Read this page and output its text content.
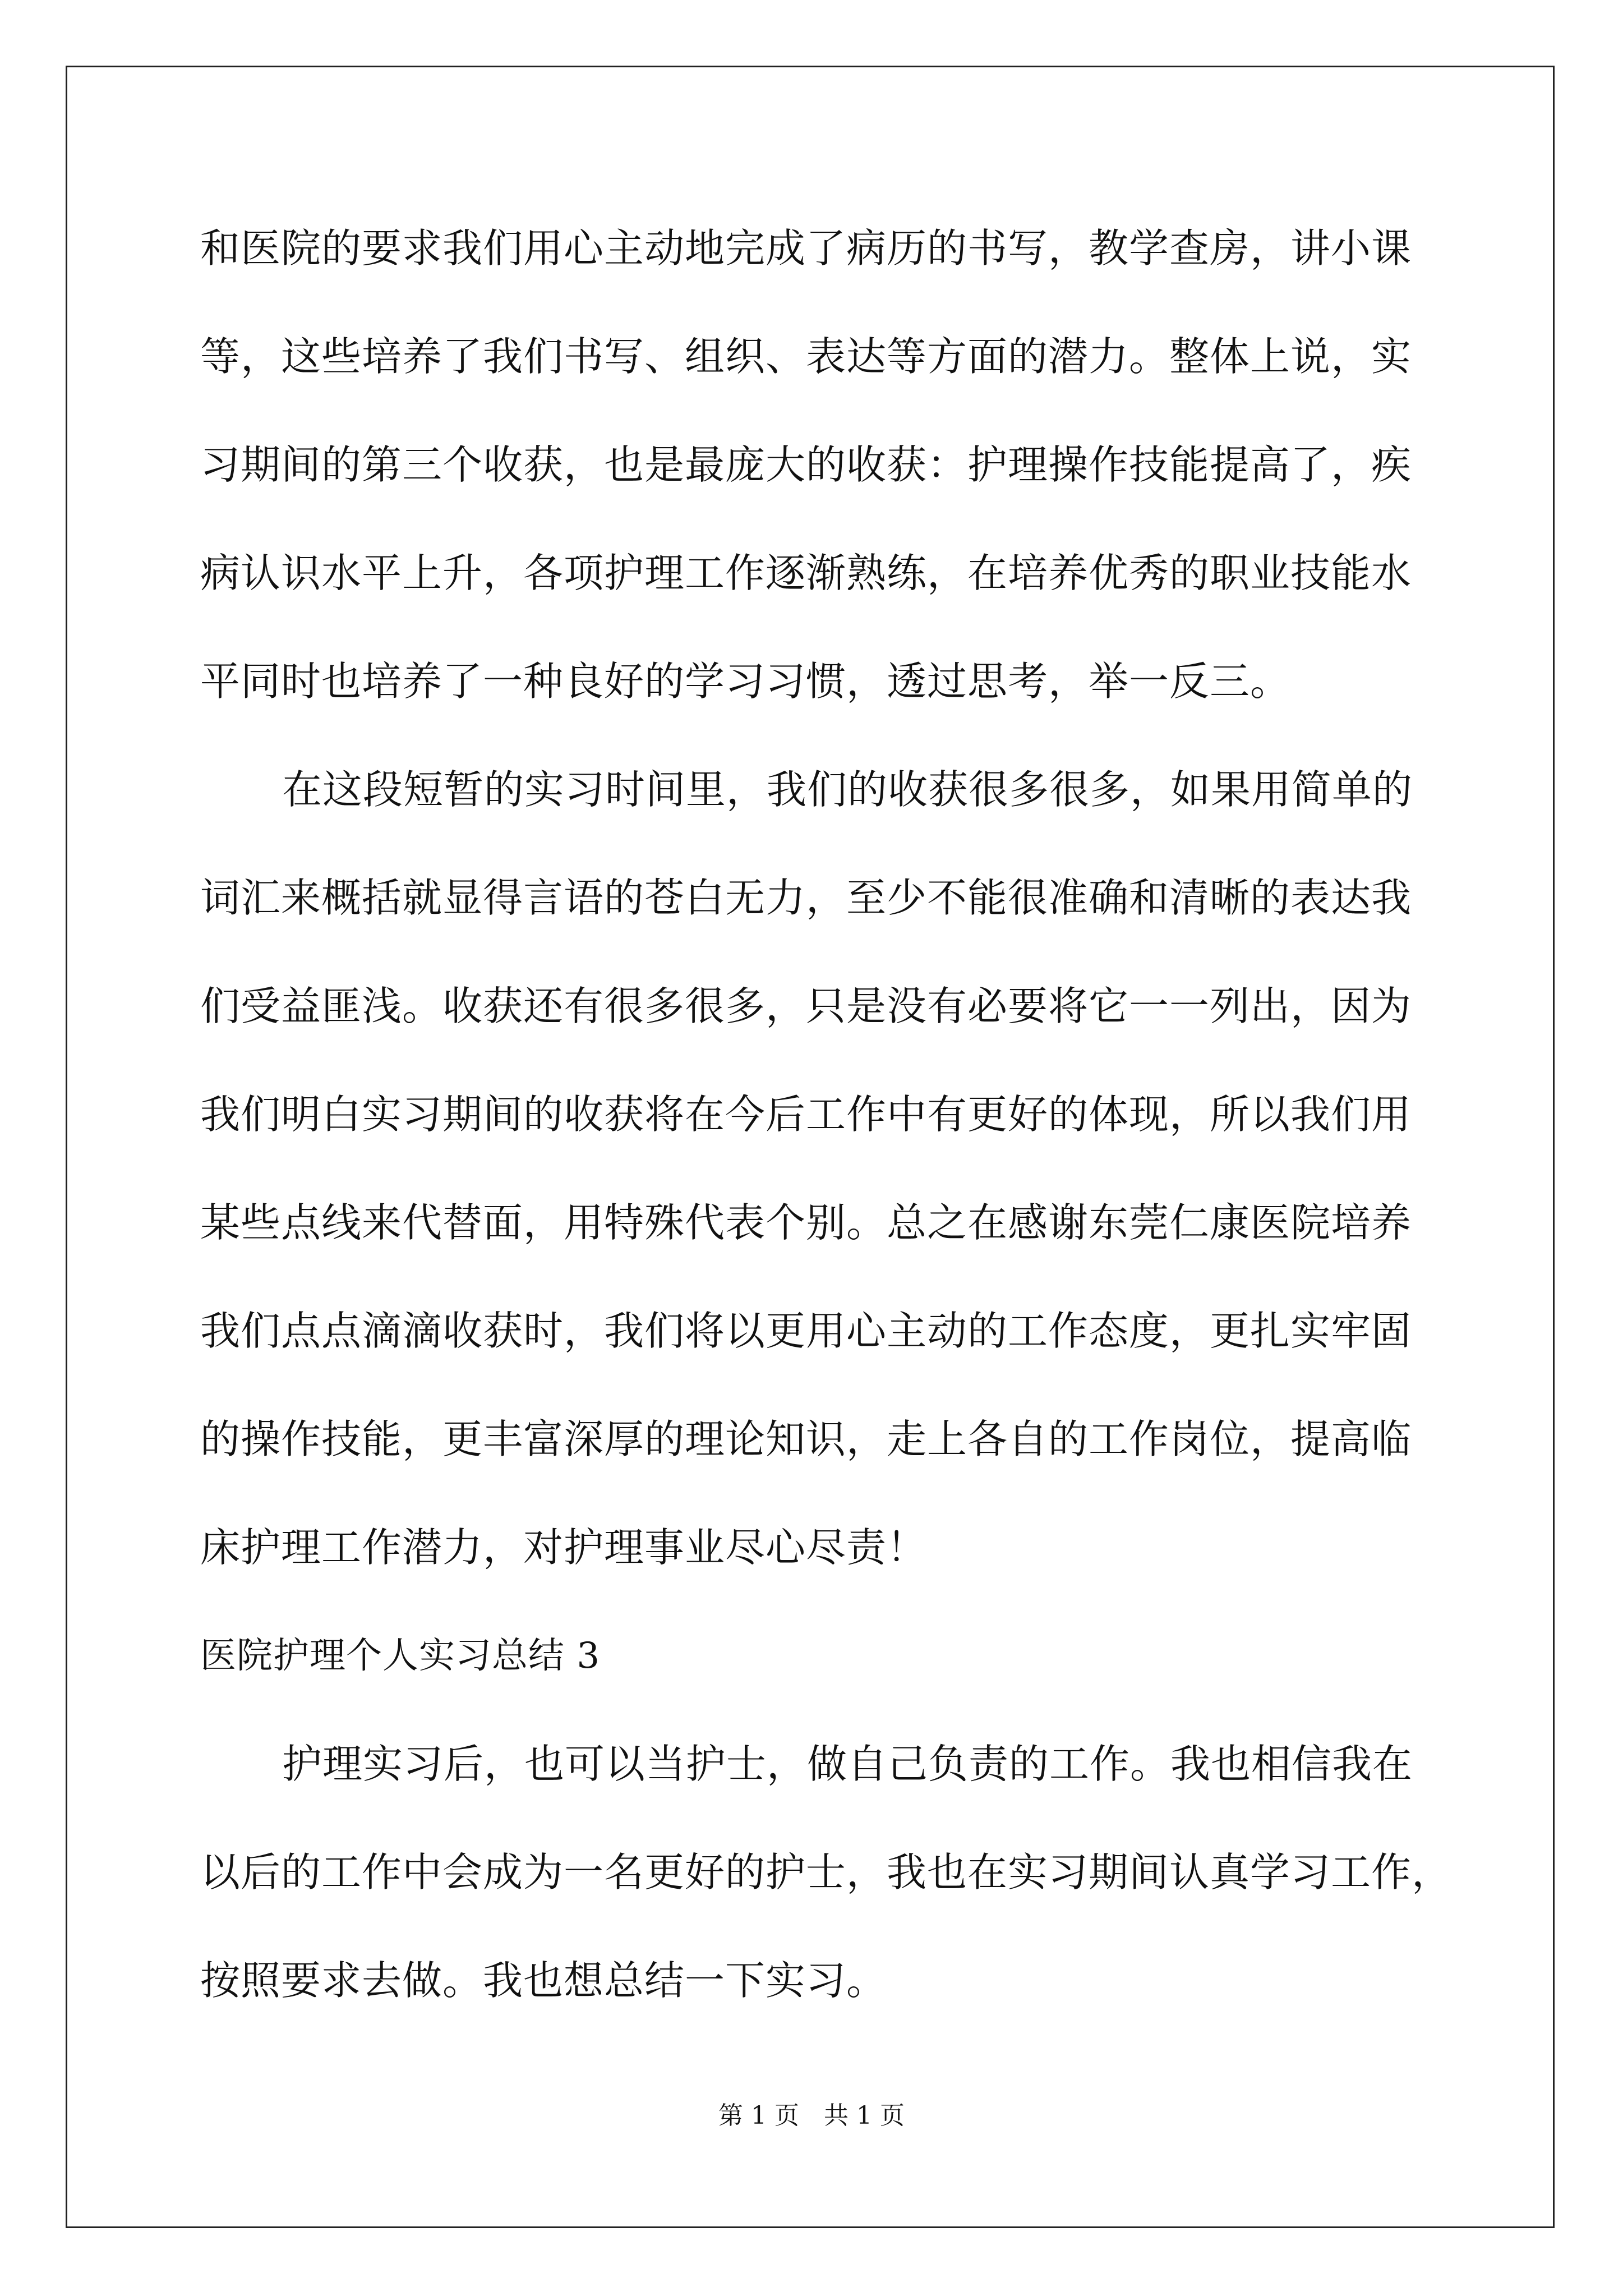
和医院的要求我们用心主动地完成了病历的书写，教学查房，讲小课
等，这些培养了我们书写、组织、表达等方面的潜力。整体上说，实
习期间的第三个收获，也是最庞大的收获：护理操作技能提高了，疾
病认识水平上升，各项护理工作逐渐熟练，在培养优秀的职业技能水
平同时也培养了一种良好的学习习惯，透过思考，举一反三。
在这段短暂的实习时间里，我们的收获很多很多，如果用简单的
词汇来概括就显得言语的苍白无力，至少不能很准确和清晰的表达我
们受益匪浅。收获还有很多很多，只是没有必要将它一一列出，因为
我们明白实习期间的收获将在今后工作中有更好的体现，所以我们用
某些点线来代替面，用特殊代表个别。总之在感谢东莞仁康医院培养
我们点点滴滴收获时，我们将以更用心主动的工作态度，更扎实牢固
的操作技能，更丰富深厚的理论知识，走上各自的工作岗位，提高临
床护理工作潜力，对护理事业尽心尽责！
医院护理个人实习总结 3
护理实习后，也可以当护士，做自己负责的工作。我也相信我在
以后的工作中会成为一名更好的护士，我也在实习期间认真学习工作，
按照要求去做。我也想总结一下实习。
第 1 页　共 1 页
